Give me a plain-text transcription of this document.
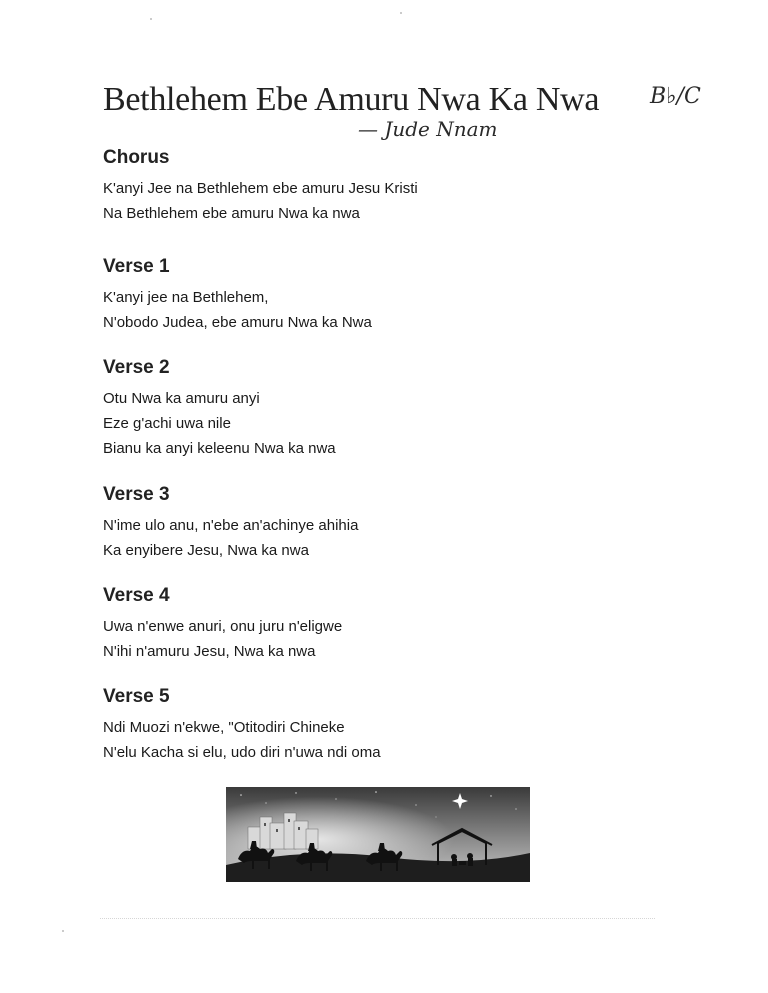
Bethlehem Ebe Amuru Nwa Ka Nwa B♭/C
— Jude Nnam
Chorus
K'anyi Jee na Bethlehem ebe amuru Jesu Kristi
Na Bethlehem ebe amuru Nwa ka nwa
Verse 1
K'anyi jee na Bethlehem,
N'obodo Judea, ebe amuru Nwa ka Nwa
Verse 2
Otu Nwa ka amuru anyi
Eze g'achi uwa nile
Bianu ka anyi keleenu Nwa ka nwa
Verse 3
N'ime ulo anu, n'ebe an'achinye ahihia
Ka enyibere Jesu, Nwa ka nwa
Verse 4
Uwa n'enwe anuri, onu juru n'eligwe
N'ihi n'amuru Jesu, Nwa ka nwa
Verse 5
Ndi Muozi n'ekwe, "Otitodiri Chineke
N'elu Kacha si elu, udo diri n'uwa ndi oma
